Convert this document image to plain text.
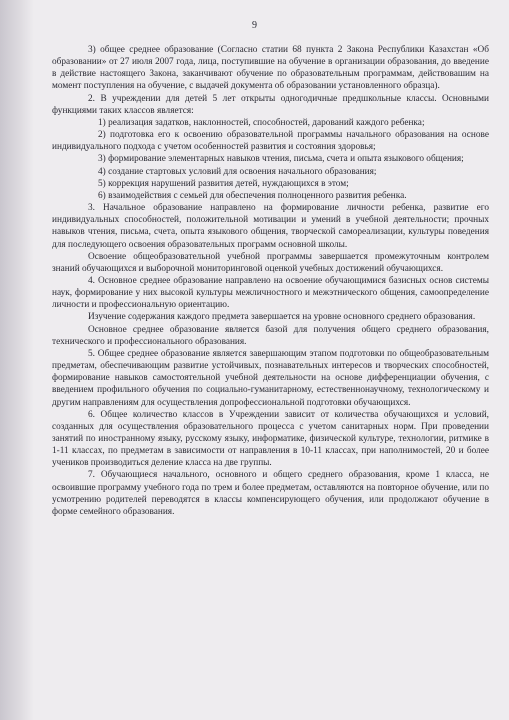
9

3) общее среднее образование (Согласно статии 68 пункта 2 Закона Республики Казахстан «Об образовании» от 27 июля 2007 года, лица, поступившие на обучение в организации образования, до введение в действие настоящего Закона, заканчивают обучение по образовательным программам, действовашим на момент поступления на обучение, с выдачей документа об образовании установленного образца).

2. В учреждении для детей 5 лет открыты одногодичные предшкольные классы. Основными функциями таких классов является:

1) реализация задатков, наклонностей, способностей, дарований каждого ребенка;

2) подготовка его к освоению образовательной программы начального образования на основе индивидуального подхода с учетом особенностей развития и состояния здоровья;

3) формирование элементарных навыков чтения, письма, счета и опыта языкового общения;

4) создание стартовых условий для освоения начального образования;

5) коррекция нарушений развития детей, нуждающихся в этом;

6) взаимодействия с семьей для обеспечения полноценного развития ребенка.

3. Начальное образование направлено на формирование личности ребенка, развитие его индивидуальных способностей, положительной мотивации и умений в учебной деятельности; прочных навыков чтения, письма, счета, опыта языкового общения, творческой самореализации, культуры поведения для последующего освоения образовательных программ основной школы.

Освоение общеобразовательной учебной программы завершается промежуточным контролем знаний обучающихся и выборочной мониторинговой оценкой учебных достижений обучающихся.

4. Основное среднее образование направлено на освоение обучающимися базисных основ системы наук, формирование у них высокой культуры межличностного и межэтнического общения, самоопределение личности и профессиональную ориентацию.

Изучение содержания каждого предмета завершается на уровне основного среднего образования.

Основное среднее образование является базой для получения общего среднего образования, технического и профессионального образования.

5. Общее среднее образование является завершающим этапом подготовки по общеобразовательным предметам, обеспечивающим развитие устойчивых, познавательных интересов и творческих способностей, формирование навыков самостоятельной учебной деятельности на основе дифференциации обучения, с введением профильного обучения по социально-гуманитарному, естественнонаучному, технологическому и другим направлениям для осуществления допрофессиональной подготовки обучающихся.

6. Общее количество классов в Учреждении зависит от количества обучающихся и условий, созданных для осуществления образовательного процесса с учетом санитарных норм. При проведении занятий по иностранному языку, русскому языку, информатике, физической культуре, технологии, ритмике в 1-11 классах, по предметам в зависимости от направления в 10-11 классах, при наполнимостей, 20 и более учеников производиться деление класса на две группы.

7. Обучающиеся начального, основного и общего среднего образования, кроме 1 класса, не освоившие программу учебного года по трем и более предметам, оставляются на повторное обучение, или по усмотрению родителей переводятся в классы компенсирующего обучения, или продолжают обучение в форме семейного образования.
